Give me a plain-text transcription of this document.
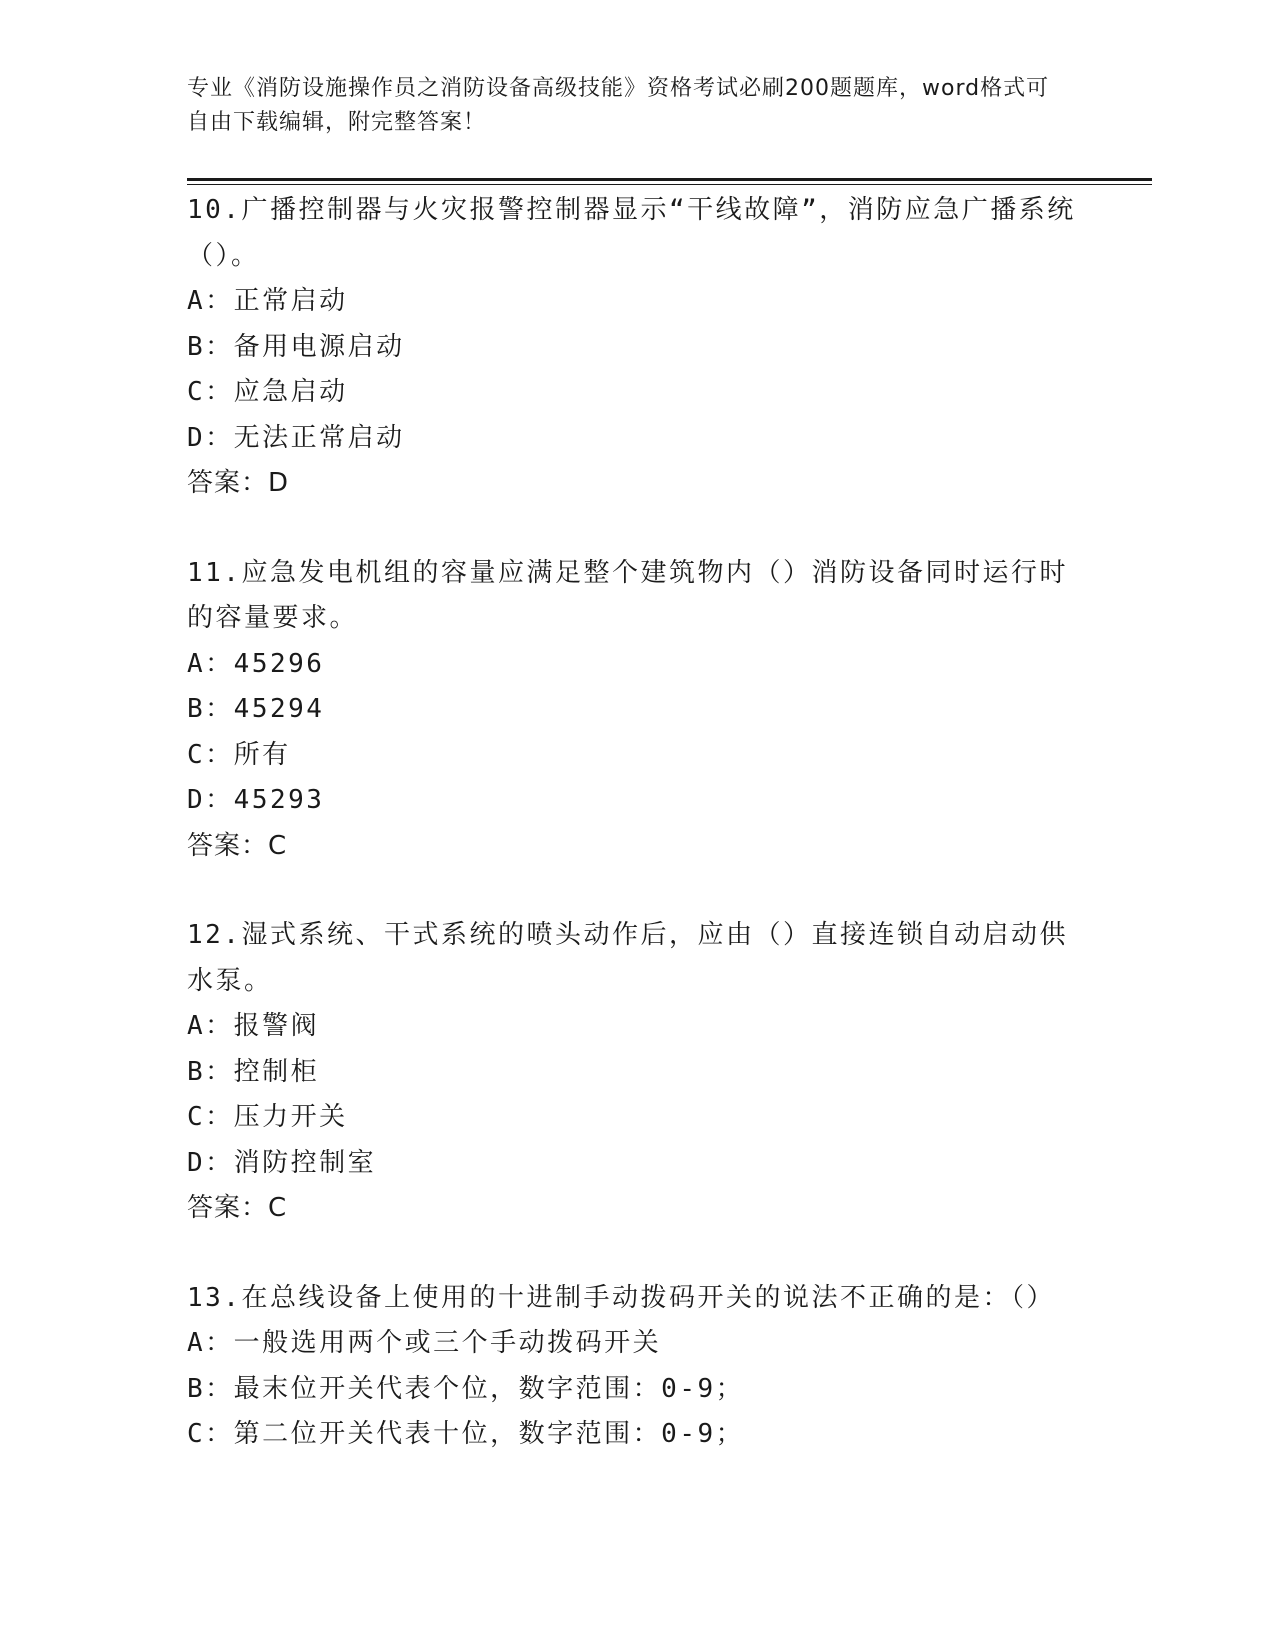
专业《消防设施操作员之消防设备高级技能》资格考试必刷200题题库，word格式可自由下载编辑，附完整答案！

10.广播控制器与火灾报警控制器显示“干线故障”，消防应急广播系统（）。

A：正常启动

B：备用电源启动

C：应急启动

D：无法正常启动

答案：D

11.应急发电机组的容量应满足整个建筑物内（）消防设备同时运行时的容量要求。

A：45296

B：45294

C：所有

D：45293

答案：C

12.湿式系统、干式系统的喷头动作后，应由（）直接连锁自动启动供水泵。

A：报警阀

B：控制柜

C：压力开关

D：消防控制室

答案：C

13.在总线设备上使用的十进制手动拨码开关的说法不正确的是：（）

A：一般选用两个或三个手动拨码开关

B：最末位开关代表个位，数字范围：0-9；

C：第二位开关代表十位，数字范围：0-9；
